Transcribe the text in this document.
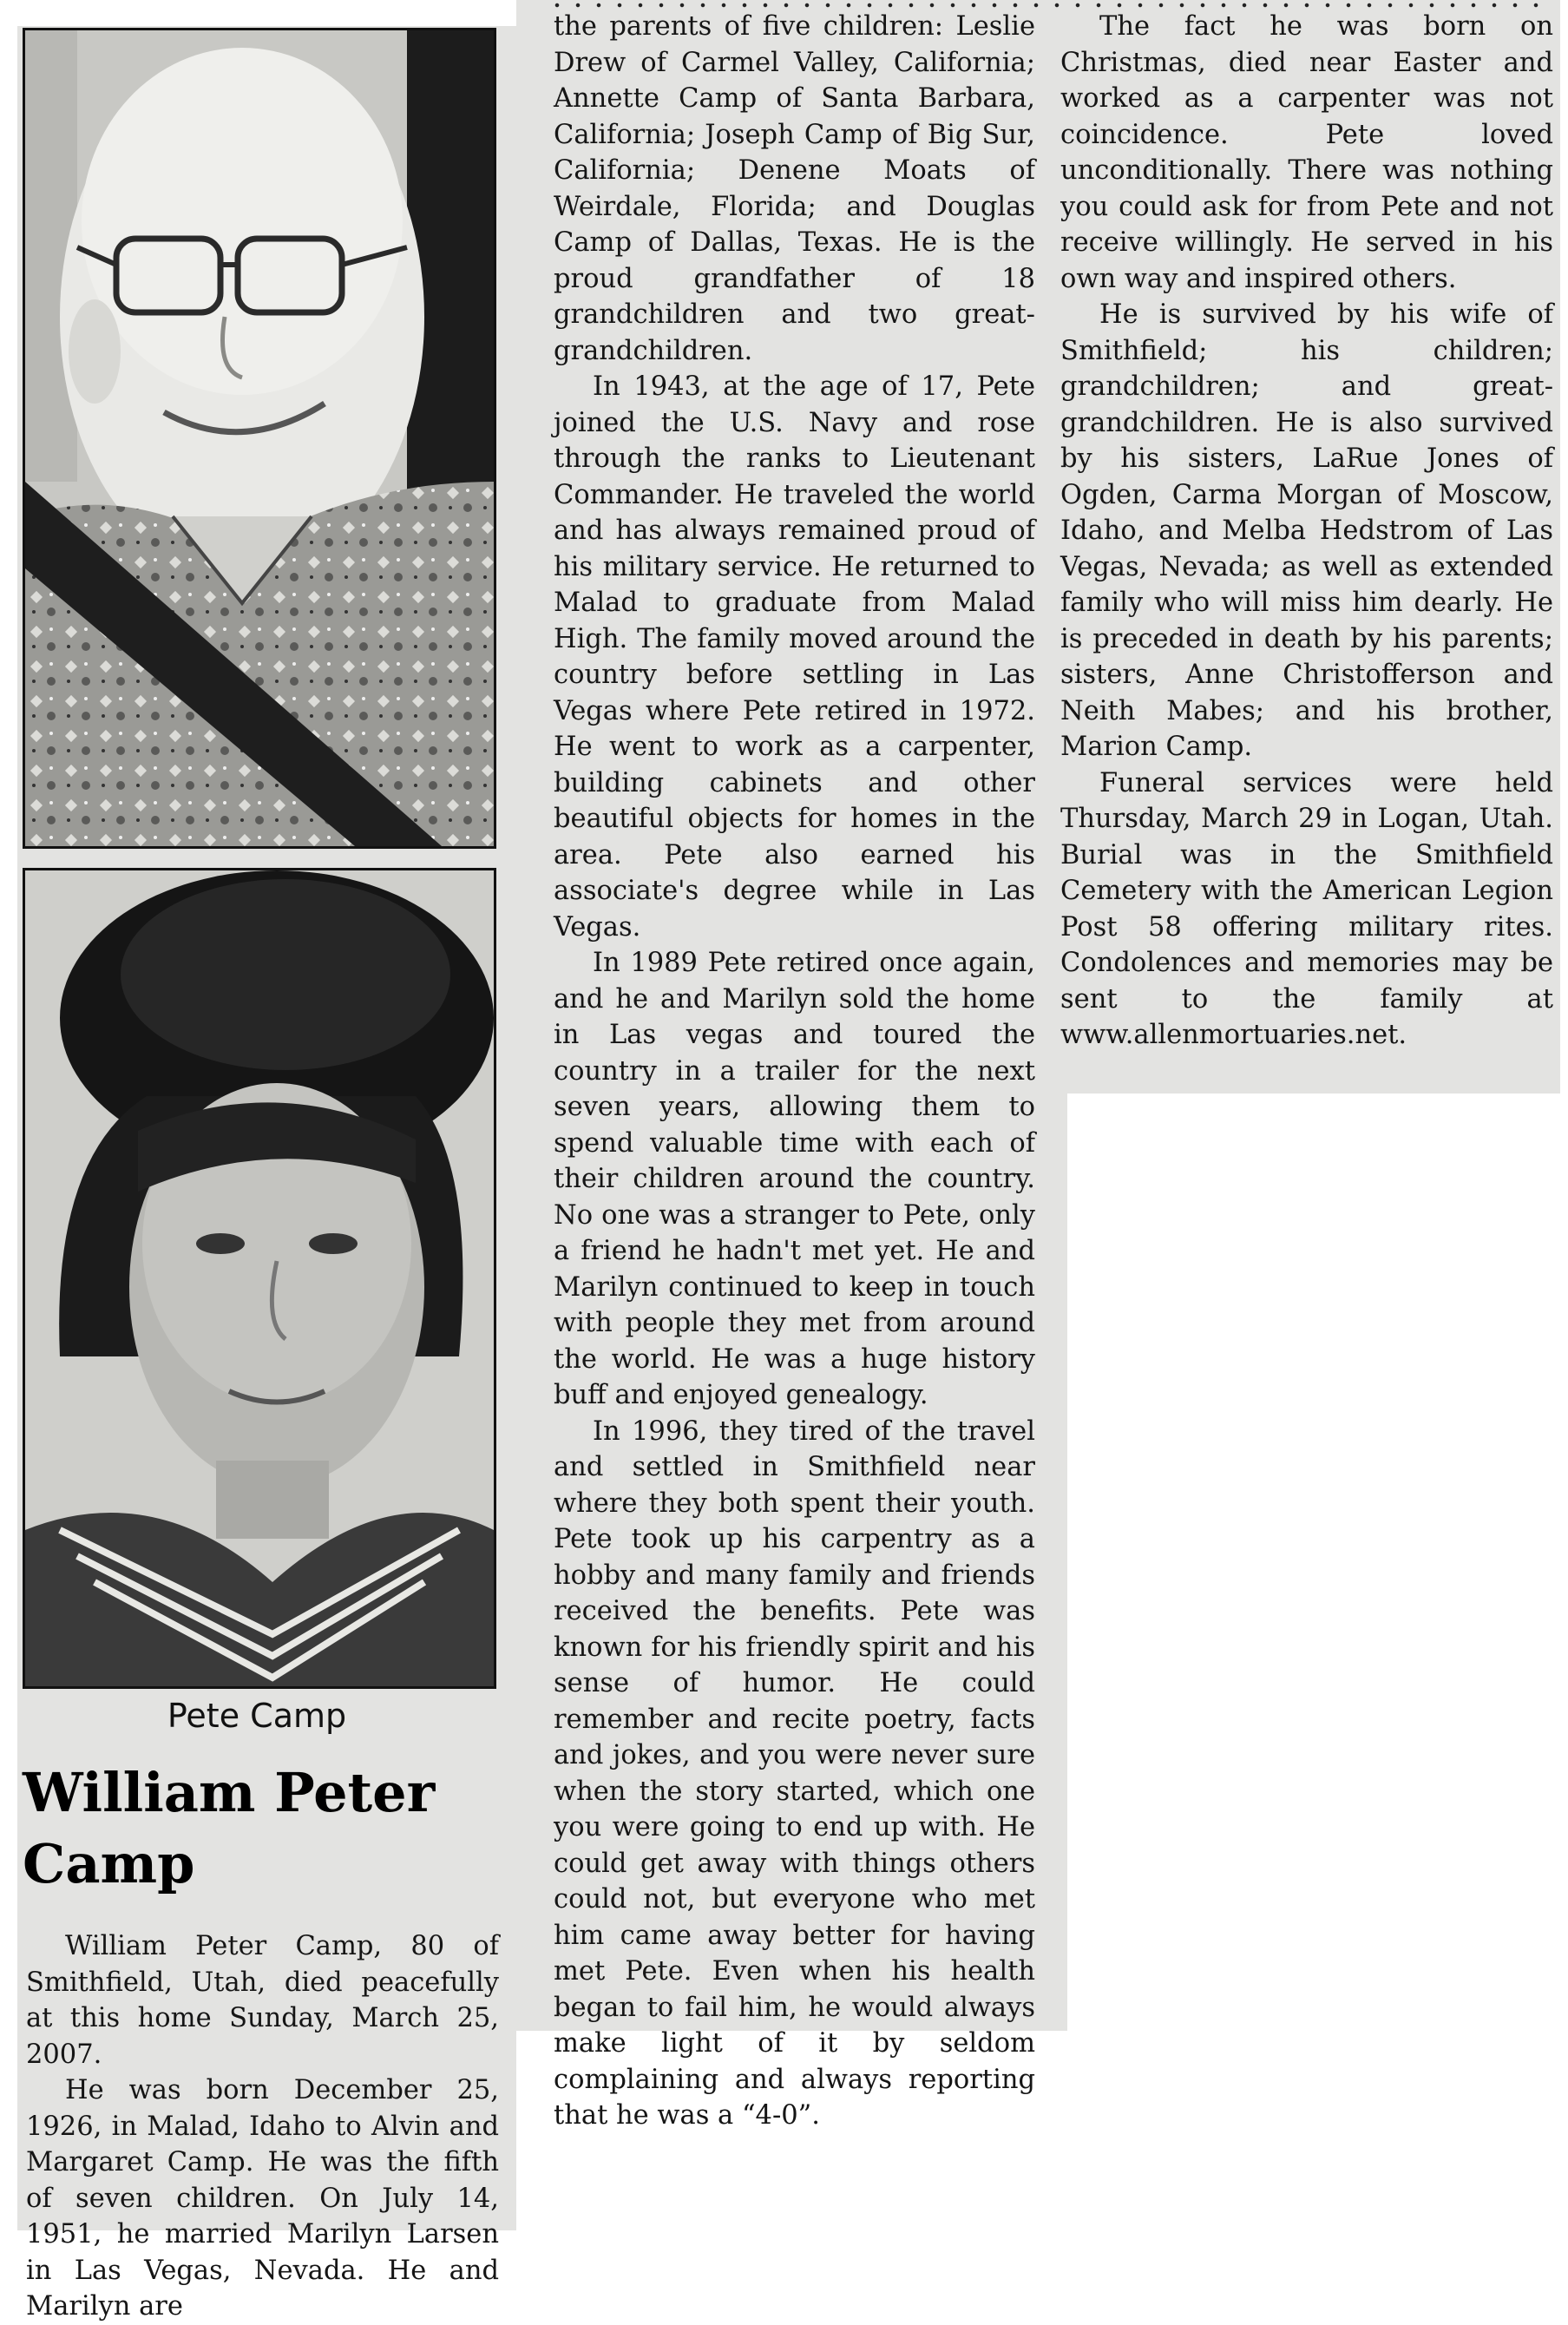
Pete Camp
William Peter Camp

William Peter Camp, 80 of Smithfield, Utah, died peacefully at this home Sunday, March 25, 2007.

He was born December 25, 1926, in Malad, Idaho to Alvin and Margaret Camp. He was the fifth of seven children. On July 14, 1951, he married Marilyn Larsen in Las Vegas, Nevada. He and Marilyn are

the parents of five children: Leslie Drew of Carmel Valley, California; Annette Camp of Santa Barbara, California; Joseph Camp of Big Sur, California; Denene Moats of Weirdale, Florida; and Douglas Camp of Dallas, Texas. He is the proud grandfather of 18 grandchildren and two great-grandchildren.

In 1943, at the age of 17, Pete joined the U.S. Navy and rose through the ranks to Lieutenant Commander. He traveled the world and has always remained proud of his military service. He returned to Malad to graduate from Malad High. The family moved around the country before settling in Las Vegas where Pete retired in 1972. He went to work as a carpenter, building cabinets and other beautiful objects for homes in the area. Pete also earned his associate's degree while in Las Vegas.

In 1989 Pete retired once again, and he and Marilyn sold the home in Las vegas and toured the country in a trailer for the next seven years, allowing them to spend valuable time with each of their children around the country. No one was a stranger to Pete, only a friend he hadn't met yet. He and Marilyn continued to keep in touch with people they met from around the world. He was a huge history buff and enjoyed genealogy.

In 1996, they tired of the travel and settled in Smithfield near where they both spent their youth. Pete took up his carpentry as a hobby and many family and friends received the benefits. Pete was known for his friendly spirit and his sense of humor. He could remember and recite poetry, facts and jokes, and you were never sure when the story started, which one you were going to end up with. He could get away with things others could not, but everyone who met him came away better for having met Pete. Even when his health began to fail him, he would always make light of it by seldom complaining and always reporting that he was a “4-0”.

The fact he was born on Christmas, died near Easter and worked as a carpenter was not coincidence. Pete loved unconditionally. There was nothing you could ask for from Pete and not receive willingly. He served in his own way and inspired others.

He is survived by his wife of Smithfield; his children; grandchildren; and great-grandchildren. He is also survived by his sisters, LaRue Jones of Ogden, Carma Morgan of Moscow, Idaho, and Melba Hedstrom of Las Vegas, Nevada; as well as extended family who will miss him dearly. He is preceded in death by his parents; sisters, Anne Christofferson and Neith Mabes; and his brother, Marion Camp.

Funeral services were held Thursday, March 29 in Logan, Utah. Burial was in the Smithfield Cemetery with the American Legion Post 58 offering military rites. Condolences and memories may be sent to the family at www.allenmortuaries.net.
